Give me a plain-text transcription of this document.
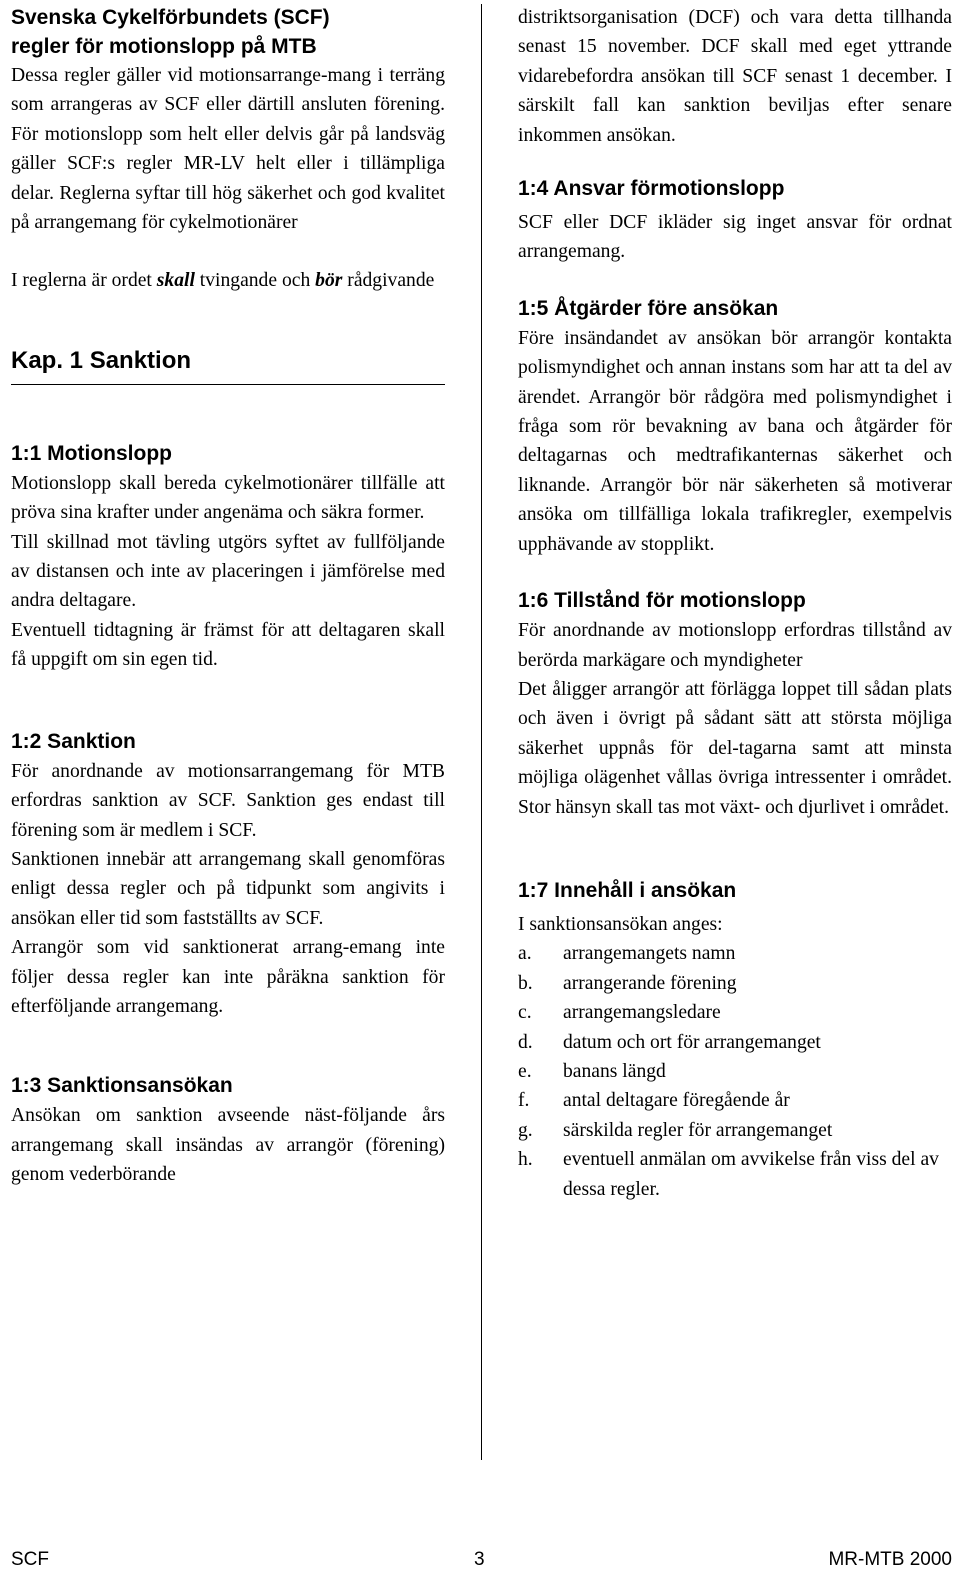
Svenska Cykelförbundets (SCF)
regler för motionslopp på MTB

Dessa regler gäller vid motionsarrange-mang i terräng som arrangeras av SCF eller därtill ansluten förening. För motionslopp som helt eller delvis går på landsväg gäller SCF:s regler MR-LV helt eller i tillämpliga delar. Reglerna syftar till hög säkerhet och god kvalitet på arrangemang för cykelmotionärer

I reglerna är ordet skall tvingande och bör rådgivande

Kap. 1 Sanktion
1:1 Motionslopp

Motionslopp skall bereda cykelmotionärer tillfälle att pröva sina krafter under angenäma och säkra former.

Till skillnad mot tävling utgörs syftet av fullföljande av distansen och inte av placeringen i jämförelse med andra deltagare.

Eventuell tidtagning är främst för att deltagaren skall få uppgift om sin egen tid.

1:2 Sanktion

För anordnande av motionsarrangemang för MTB erfordras sanktion av SCF. Sanktion ges endast till förening som är medlem i SCF.

Sanktionen innebär att arrangemang skall genomföras enligt dessa regler och på tidpunkt som angivits i ansökan eller tid som fastställts av SCF.

Arrangör som vid sanktionerat arrang-emang inte följer dessa regler kan inte påräkna sanktion för efterföljande arrangemang.

1:3 Sanktionsansökan

Ansökan om sanktion avseende näst-följande års arrangemang skall insändas av arrangör (förening) genom vederbörande

distriktsorganisation (DCF) och vara detta tillhanda senast 15 november. DCF skall med eget yttrande vidarebefordra ansökan till SCF senast 1 december. I särskilt fall kan sanktion beviljas efter senare inkommen ansökan.

1:4 Ansvar förmotionslopp

SCF eller DCF ikläder sig inget ansvar för ordnat arrangemang.

1:5 Åtgärder före ansökan

Före insändandet av ansökan bör arrangör kontakta polismyndighet och annan instans som har att ta del av ärendet. Arrangör bör rådgöra med polismyndighet i fråga som rör bevakning av bana och åtgärder för deltagarnas och medtrafikanternas säkerhet och liknande. Arrangör bör när säkerheten så motiverar ansöka om tillfälliga lokala trafikregler, exempelvis upphävande av stopplikt.

1:6 Tillstånd för motionslopp

För anordnande av motionslopp erfordras tillstånd av berörda markägare och myndigheter

Det åligger arrangör att förlägga loppet till sådan plats och även i övrigt på sådant sätt att största möjliga säkerhet uppnås för del-tagarna samt att minsta möjliga olägenhet vållas övriga intressenter i området. Stor hänsyn skall tas mot växt- och djurlivet i området.

1:7 Innehåll i ansökan

I sanktionsansökan anges:

a. arrangemangets namn
b. arrangerande förening
c. arrangemangsledare
d. datum och ort för arrangemanget
e. banans längd
f. antal deltagare föregående år
g. särskilda regler för arrangemanget
h. eventuell anmälan om avvikelse från viss del av dessa regler.
SCF	3	MR-MTB 2000
